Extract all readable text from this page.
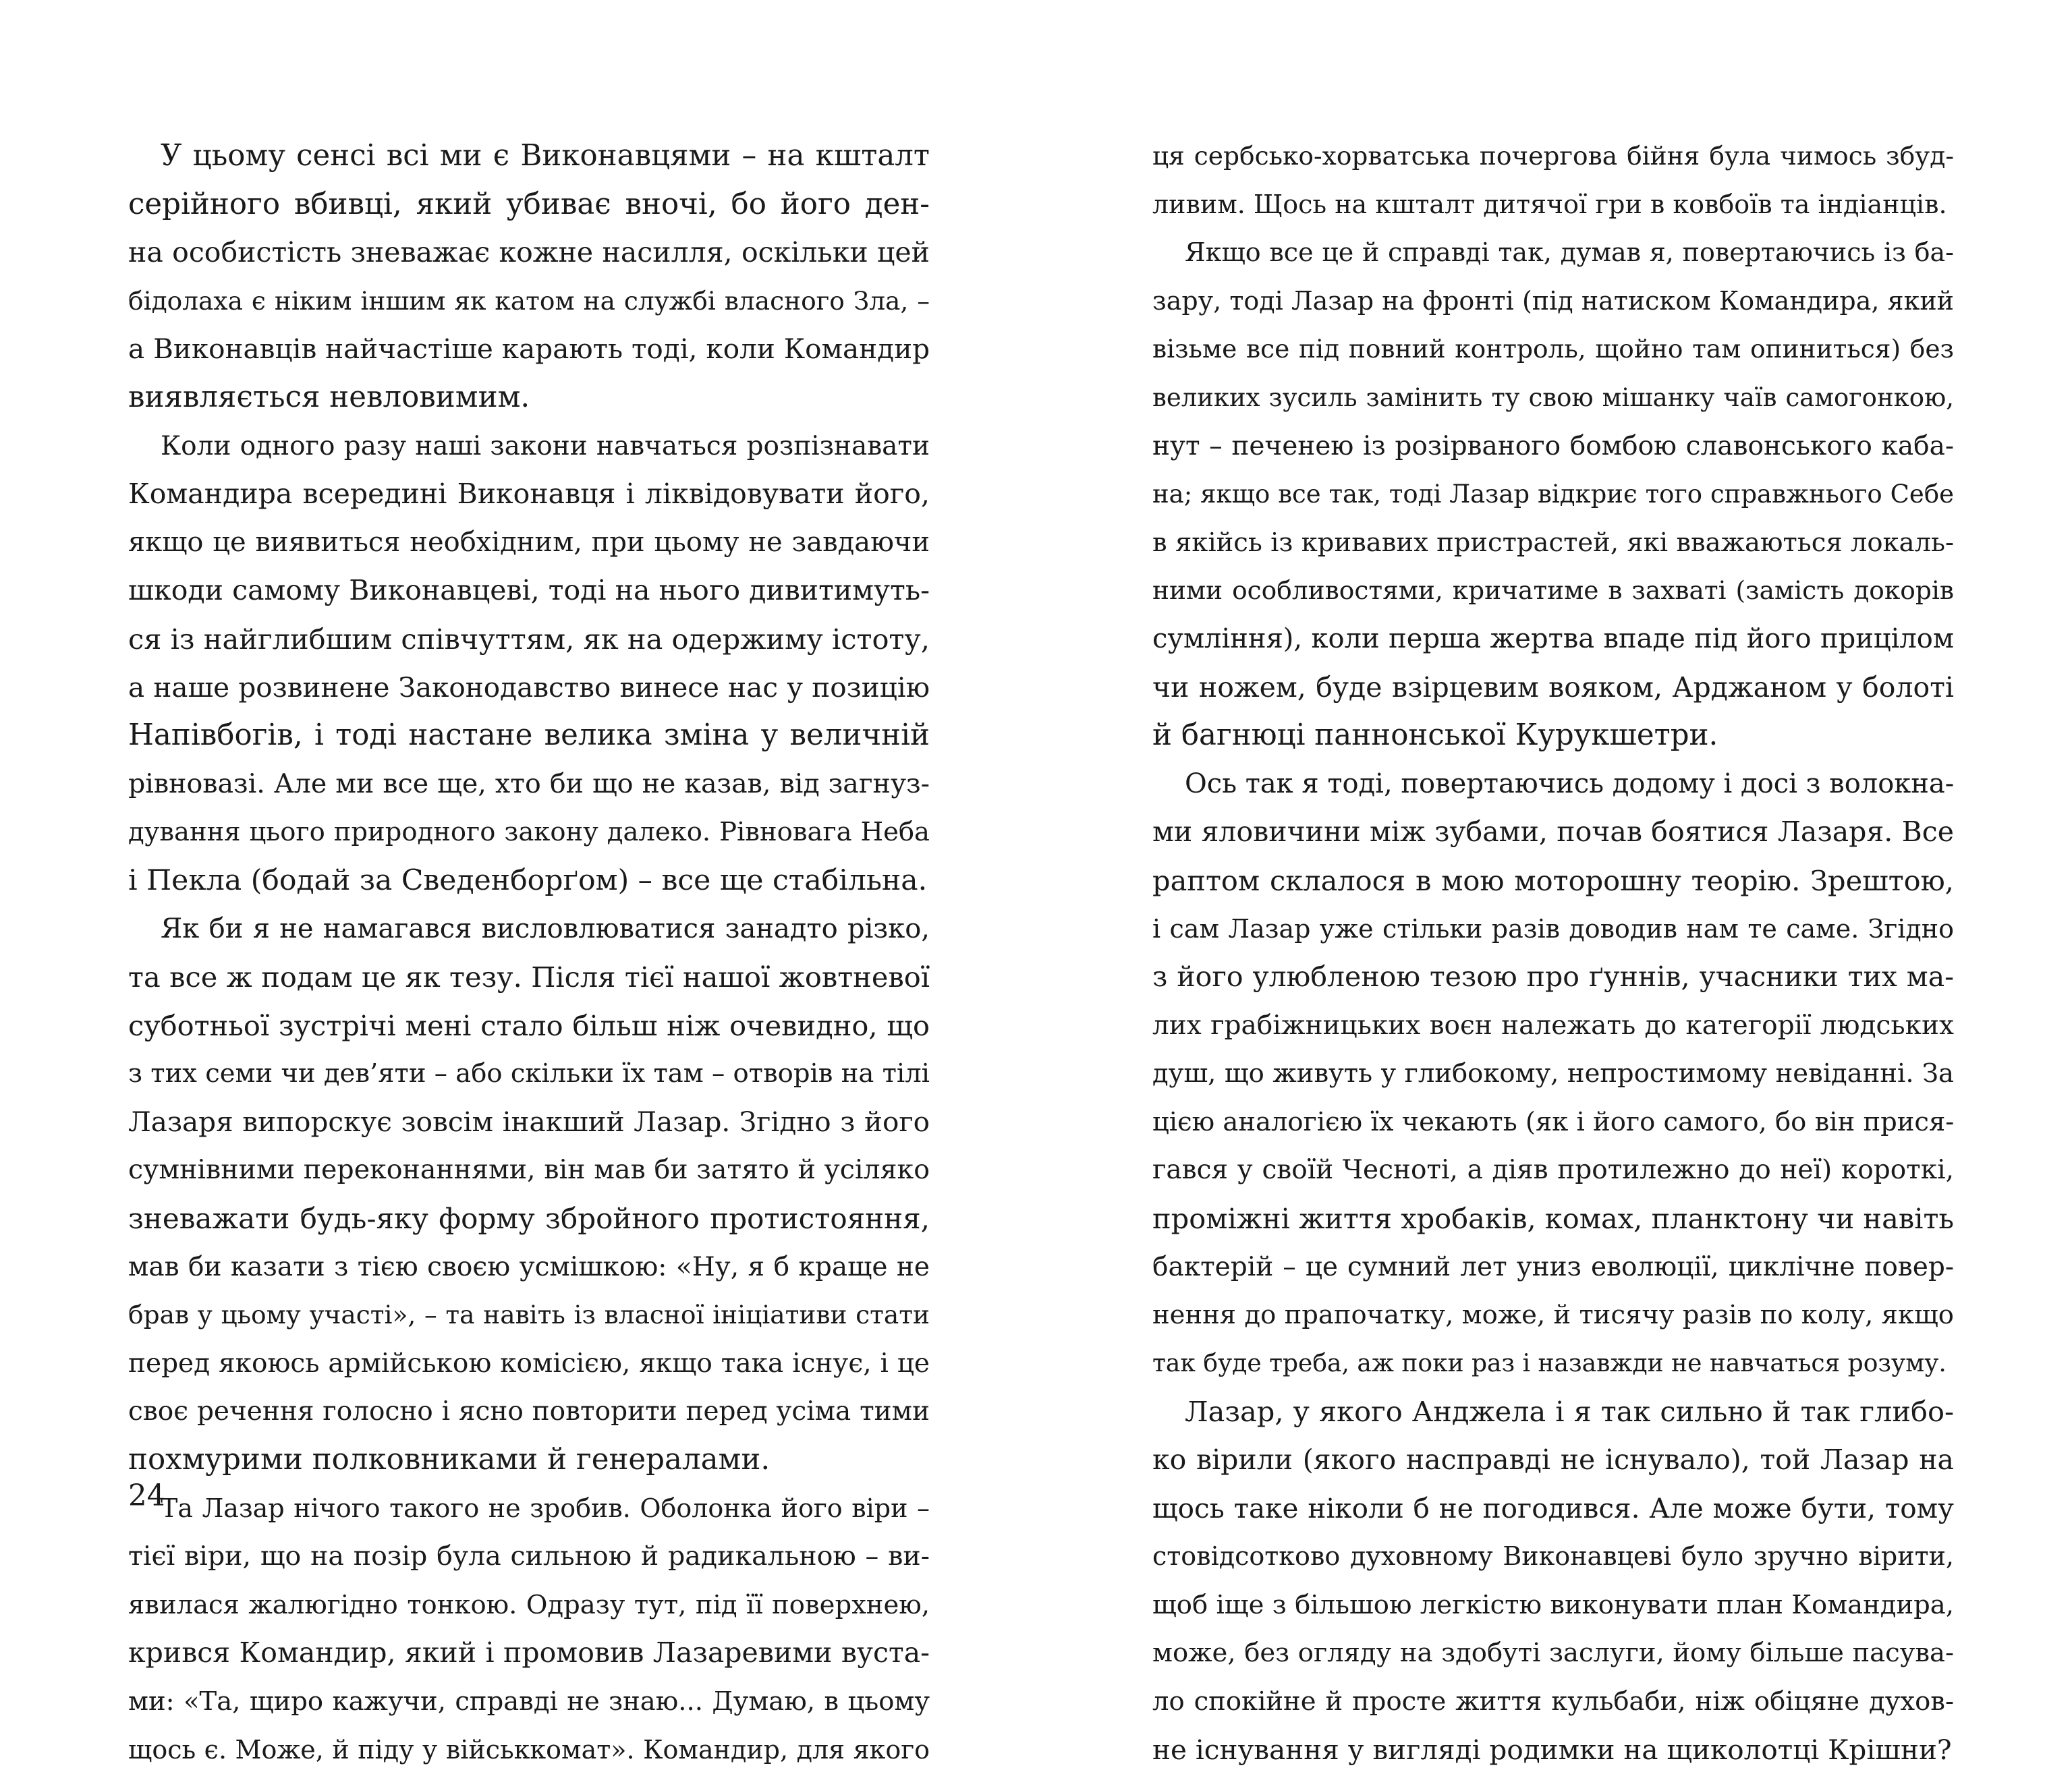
У цьому сенсі всі ми є Виконавцями – на кшталт
серійного вбивці, який убиває вночі, бо його ден-
на особистість зневажає кожне насилля, оскільки цей
бідолаха є ніким іншим як катом на службі власного Зла, –
а Виконавців найчастіше карають тоді, коли Командир
виявляється невловимим.
Коли одного разу наші закони навчаться розпізнавати
Командира всередині Виконавця і ліквідовувати його,
якщо це виявиться необхідним, при цьому не завдаючи
шкоди самому Виконавцеві, тоді на нього дивитимуть-
ся із найглибшим співчуттям, як на одержиму істоту,
а наше розвинене Законодавство винесе нас у позицію
Напівбогів, і тоді настане велика зміна у величній
рівновазі. Але ми все ще, хто би що не казав, від загнуз-
дування цього природного закону далеко. Рівновага Неба
і Пекла (бодай за Сведенборґом) – все ще стабільна.
Як би я не намагався висловлюватися занадто різко,
та все ж подам це як тезу. Після тієї нашої жовтневої
суботньої зустрічі мені стало більш ніж очевидно, що
з тих семи чи дев’яти – або скільки їх там – отворів на тілі
Лазаря випорскує зовсім інакший Лазар. Згідно з його
сумнівними переконаннями, він мав би затято й усіляко
зневажати будь-яку форму збройного протистояння,
мав би казати з тією своєю усмішкою: «Ну, я б краще не
брав у цьому участі», – та навіть із власної ініціативи стати
перед якоюсь армійською комісією, якщо така існує, і це
своє речення голосно і ясно повторити перед усіма тими
похмурими полковниками й генералами.
Та Лазар нічого такого не зробив. Оболонка його віри –
тієї віри, що на позір була сильною й радикальною – ви-
явилася жалюгідно тонкою. Одразу тут, під її поверхнею,
крився Командир, який і промовив Лазаревими вуста-
ми: «Та, щиро кажучи, справді не знаю... Думаю, в цьому
щось є. Може, й піду у військкомат». Командир, для якого
ця сербсько-хорватська почергова бійня була чимось збуд-
ливим. Щось на кшталт дитячої гри в ковбоїв та індіанців.
Якщо все це й справді так, думав я, повертаючись із ба-
зару, тоді Лазар на фронті (під натиском Командира, який
візьме все під повний контроль, щойно там опиниться) без
великих зусиль замінить ту свою мішанку чаїв самогонкою,
нут – печенею із розірваного бомбою славонського каба-
на; якщо все так, тоді Лазар відкриє того справжнього Себе
в якійсь із кривавих пристрастей, які вважаються локаль-
ними особливостями, кричатиме в захваті (замість докорів
сумління), коли перша жертва впаде під його прицілом
чи ножем, буде взірцевим вояком, Арджаном у болоті
й багнюці паннонської Курукшетри.
Ось так я тоді, повертаючись додому і досі з волокна-
ми яловичини між зубами, почав боятися Лазаря. Все
раптом склалося в мою моторошну теорію. Зрештою,
і сам Лазар уже стільки разів доводив нам те саме. Згідно
з його улюбленою тезою про ґуннів, учасники тих ма-
лих грабіжницьких воєн належать до категорії людських
душ, що живуть у глибокому, непростимому невіданні. За
цією аналогією їх чекають (як і його самого, бо він прися-
гався у своїй Чесноті, а діяв протилежно до неї) короткі,
проміжні життя хробаків, комах, планктону чи навіть
бактерій – це сумний лет униз еволюції, циклічне повер-
нення до прапочатку, може, й тисячу разів по колу, якщо
так буде треба, аж поки раз і назавжди не навчаться розуму.
Лазар, у якого Анджела і я так сильно й так глибо-
ко вірили (якого насправді не існувало), той Лазар на
щось таке ніколи б не погодився. Але може бути, тому
стовідсотково духовному Виконавцеві було зручно вірити,
щоб іще з більшою легкістю виконувати план Командира,
може, без огляду на здобуті заслуги, йому більше пасува-
ло спокійне й просте життя кульбаби, ніж обіцяне духов-
не існування у вигляді родимки на щиколотці Крішни?
24
